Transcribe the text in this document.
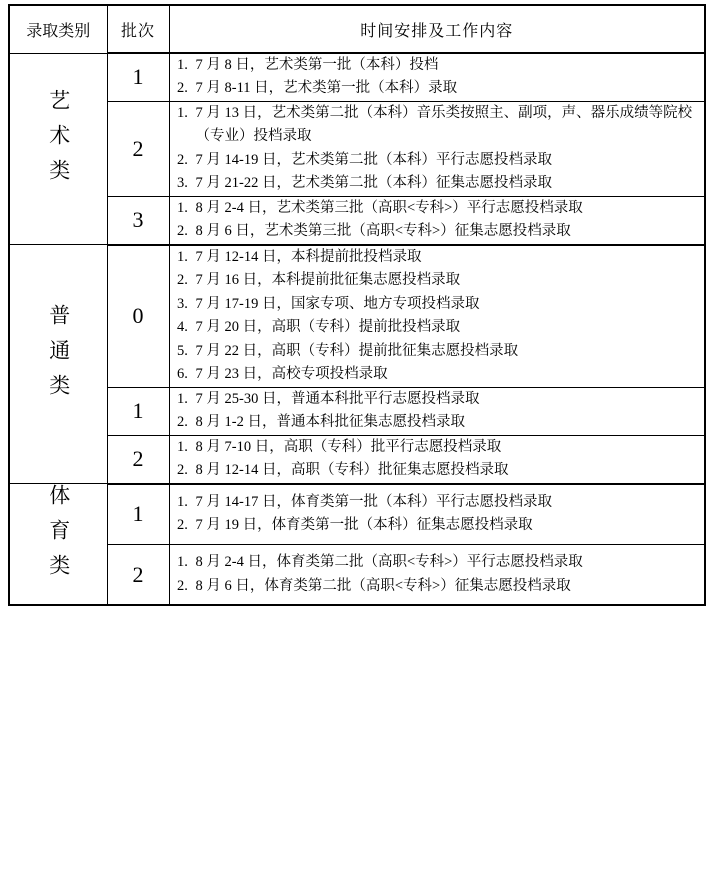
录取类别	批次	时间安排及工作内容
艺术类	1	
1.7 月 8 日，艺术类第一批（本科）投档
2. 7 月 8-11 日，艺术类第一批（本科）录取

2	
1. 7 月 13 日，艺术类第二批（本科）音乐类按照主、副项，声、器乐成绩等院校（专业）投档录取
2. 7 月 14-19 日，艺术类第二批（本科）平行志愿投档录取
3. 7 月 21-22 日，艺术类第二批（本科）征集志愿投档录取

3	
1.8 月 2-4 日，艺术类第三批（高职<专科>）平行志愿投档录取
2. 8 月 6 日，艺术类第三批（高职<专科>）征集志愿投档录取

普通类	0	
1. 7 月 12-14 日，本科提前批投档录取
2. 7 月 16 日，本科提前批征集志愿投档录取
3. 7 月 17-19 日，国家专项、地方专项投档录取
4. 7 月 20 日，高职（专科）提前批投档录取
5. 7 月 22 日，高职（专科）提前批征集志愿投档录取
6. 7 月 23 日，高校专项投档录取

1	
1.7 月 25-30 日，普通本科批平行志愿投档录取
2. 8 月 1-2 日，普通本科批征集志愿投档录取

2	
1.8 月 7-10 日，高职（专科）批平行志愿投档录取
2. 8 月 12-14 日，高职（专科）批征集志愿投档录取

体育类	1	
1.7 月 14-17 日，体育类第一批（本科）平行志愿投档录取
2. 7 月 19 日，体育类第一批（本科）征集志愿投档录取

2	
1.8 月 2-4 日，体育类第二批（高职<专科>）平行志愿投档录取
2. 8 月 6 日，体育类第二批（高职<专科>）征集志愿投档录取
